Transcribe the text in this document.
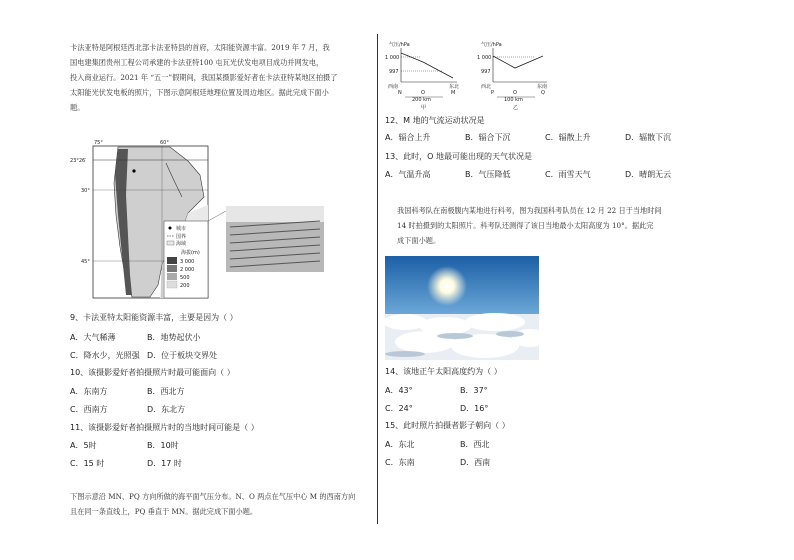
卡法亚特是阿根廷西北部卡法亚特县的首府，太阳能资源丰富。2019 年 7 月，我

国电建集团贵州工程公司承建的卡法亚特100 屯瓦光伏发电项目成功并网发电，

投入商业运行。2021 年 “五一”假期间，我国某摄影爱好者在卡法亚特某地区拍摄了

太阳能光伏发电板的照片，下图示意阿根廷地理位置及周边地区。据此完成下面小

题。

75°	60°
23°26′
30°
45°
城市
国界
海域
海拔(m)
3 000
2 000
500
200
9、卡法亚特太阳能资源丰富，主要是因为（ ）
A．大气稀薄	B．地势起伏小
C．降水少，光照强 D．位于板块交界处
10、该摄影爱好者拍摄照片时最可能面向（ ）
A．东南方	B．西北方
C．西南方	D．东北方
11、该摄影爱好者拍摄照片时的当地时间可能是（ ）
A．5时	B．10时
C．15 时	D．17 时

下图示意沿 MN、PQ 方向所做的海平面气压分布。N、O 两点在气压中心 M 的西南方向

且在同一条直线上，PQ 垂直于 MN。据此完成下面小题。

气压/hPa
1 000
997
西南	东北
N	O	M
200 km
甲
气压/hPa
1 000
997
西北	东南
P	O	Q
100 km
乙
12、M 地的气流运动状况是
A．辐合上升	B．辐合下沉	C．辐散上升	D．辐散下沉
13、此时，O 地最可能出现的天气状况是
A．气温升高	B．气压降低	C．雨雪天气	D．晴朗无云

我国科考队在南极腹内某地进行科考，图为我国科考队员在 12 月 22 日于当地时间

14 时拍摄到的太阳照片。科考队还测得了该日当地最小太阳高度为 10°。据此完

成下面小题。

14、该地正午太阳高度约为（ ）
A．43°	B．37°
C．24°	D．16°
15、此时照片拍摄者影子朝向（ ）
A．东北	B．西北
C．东南	D．西南
